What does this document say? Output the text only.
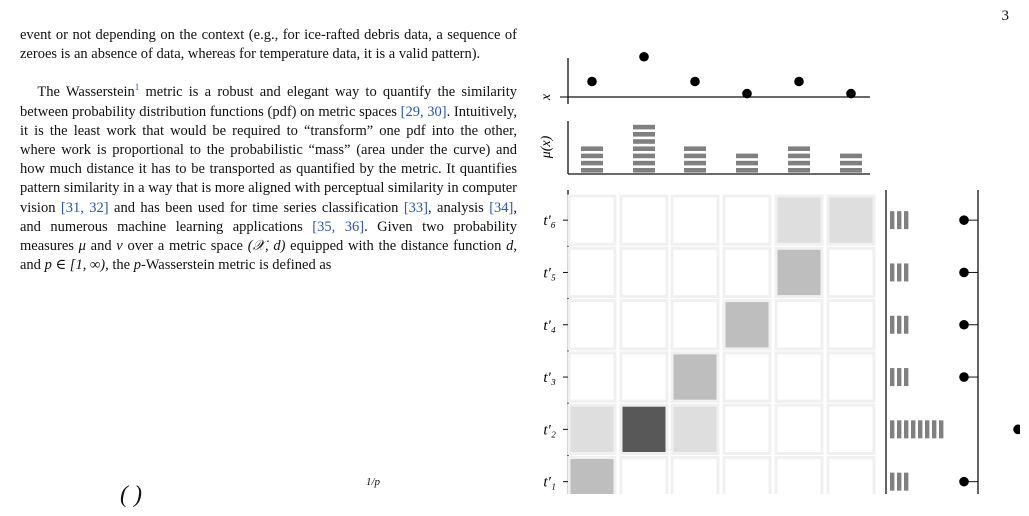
3

event or not depending on the context (e.g., for ice-rafted debris data, a sequence of zeroes is an absence of data, whereas for temperature data, it is a valid pattern).

The Wasserstein$^1$ metric is a robust and elegant way to quantify the similarity between probability distribution functions (pdf) on metric spaces [29, 30]. Intuitively, it is the least work that would be required to “transform” one pdf into the other, where work is proportional to the probabilistic “mass” (area under the curve) and how much distance it has to be transported as quantified by the metric. It quantifies pattern similarity in a way that is more aligned with perceptual similarity in computer vision [31, 32] and has been used for time series classification [33], analysis [34], and numerous machine learning applications [35, 36]. Given two probability measures μ and ν over a metric space (𝒳, d) equipped with the distance function d, and p ∈ [1, ∞), the p-Wasserstein metric is defined as

( )	1/p
t′₆
t′₅
t′₄
t′₃
t′₂
t′₁
x
μ(x)
